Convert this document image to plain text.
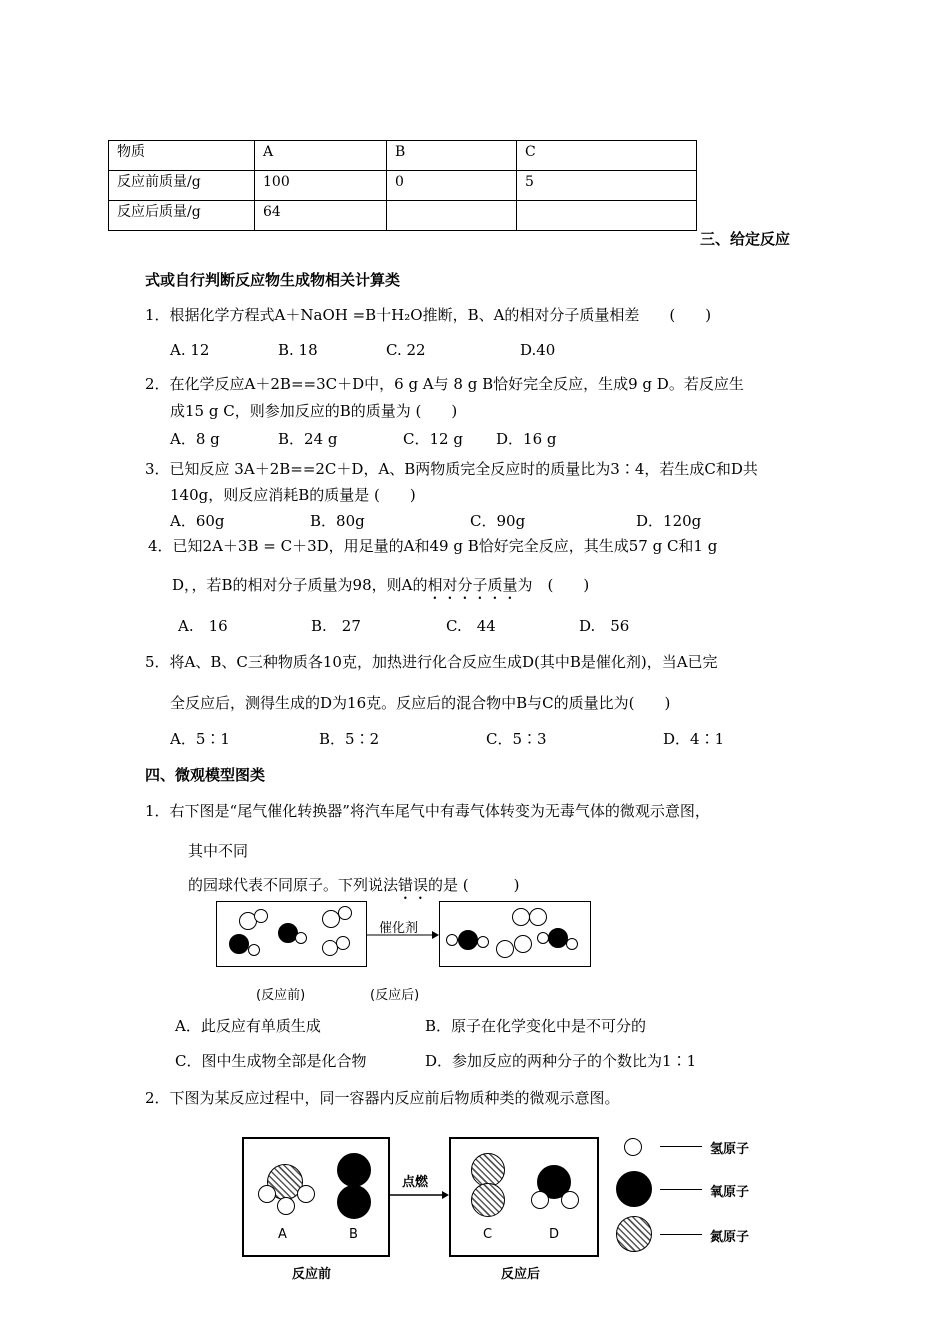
物质	A	B	C
反应前质量/g	100	0	5
反应后质量/g	64		
三、给定反应
式或自行判断反应物生成物相关计算类
1．根据化学方程式A＋NaOH =B十H₂O推断，B、A的相对分子质量相差　　(　　)
A. 12	B. 18	C. 22	D.40
2．在化学反应A＋2B==3C＋D中，6 g A与 8 g B恰好完全反应，生成9 g D。若反应生
成15 g C，则参加反应的B的质量为 (　　)
A．8 g	B．24 g	C．12 g D．16 g
3．已知反应 3A＋2B==2C＋D，A、B两物质完全反应时的质量比为3∶4，若生成C和D共
140g，则反应消耗B的质量是 (　　)
A．60g	B．80g	C．90g	D．120g
4．已知2A＋3B = C＋3D，用足量的A和49 g B恰好完全反应，其生成57 g C和1 g
D，，若B的相对分子质量为98，则A的相对分子质量为　(　　)
A.　16	B.　27	C.　44	D.　56
5．将A、B、C三种物质各10克，加热进行化合反应生成D(其中B是催化剂)，当A已完
全反应后，测得生成的D为16克。反应后的混合物中B与C的质量比为(　　)
A．5∶1	B．5∶2	C．5∶3	D．4∶1
四、微观模型图类
1．右下图是“尾气催化转换器”将汽车尾气中有毒气体转变为无毒气体的微观示意图，
其中不同
的园球代表不同原子。下列说法错误的是 (　　　)
催化剂
(反应前)	(反应后)
A．此反应有单质生成	B．原子在化学变化中是不可分的
C．图中生成物全部是化合物	D．参加反应的两种分子的个数比为1∶1
2．下图为某反应过程中，同一容器内反应前后物质种类的微观示意图。
A	B
点燃
C	D
氢原子
氧原子
氮原子
反应前	反应后
